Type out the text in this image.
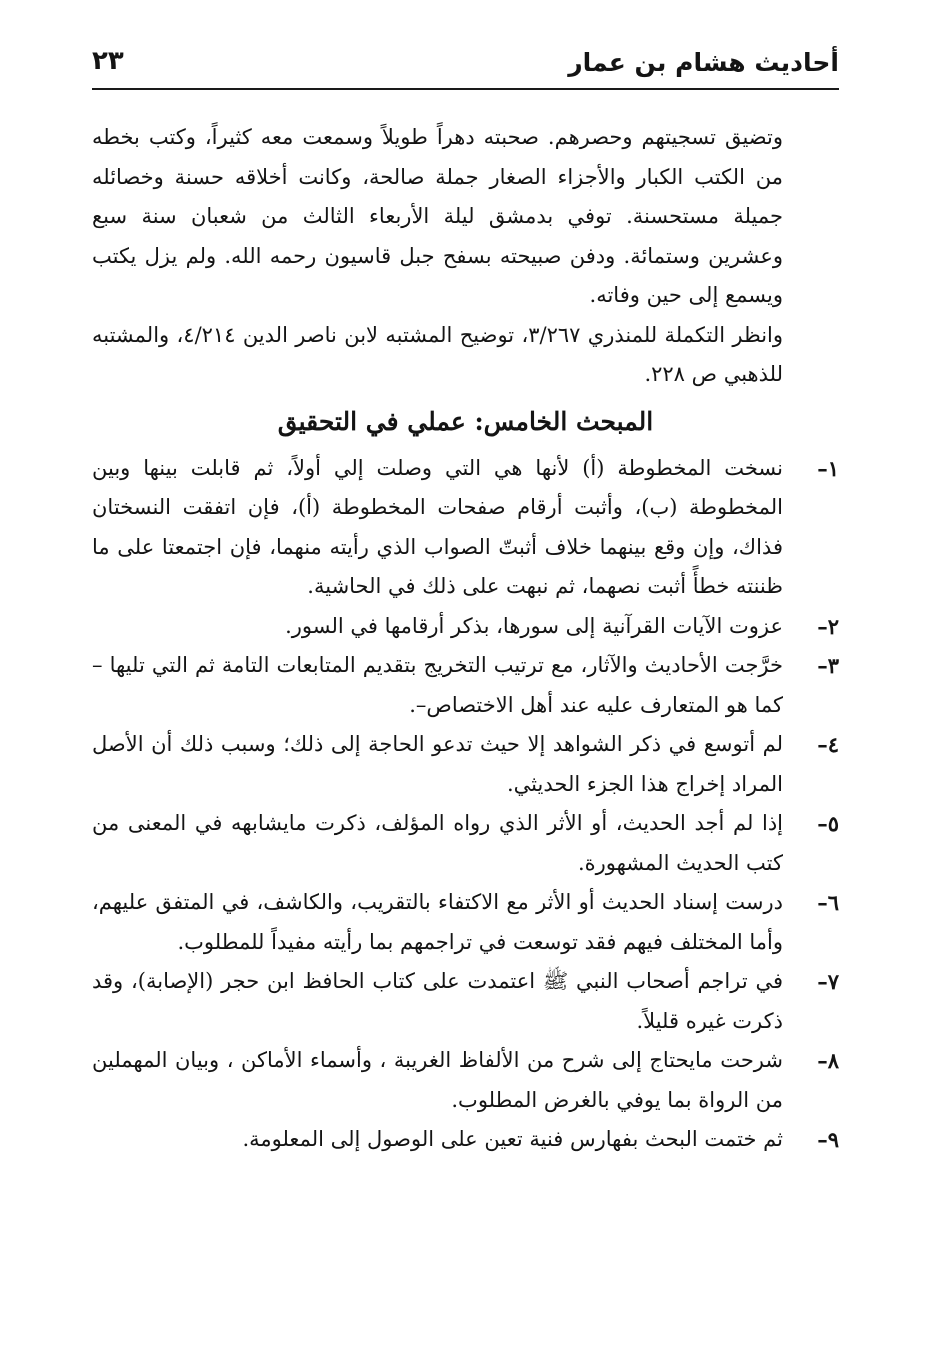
أحاديث هشام بن عمار
٢٣

وتضيق تسجيتهم وحصرهم. صحبته دهراً طويلاً وسمعت معه كثيراً، وكتب بخطه من الكتب الكبار والأجزاء الصغار جملة صالحة، وكانت أخلاقه حسنة وخصائله جميلة مستحسنة. توفي بدمشق ليلة الأربعاء الثالث من شعبان سنة سبع وعشرين وستمائة. ودفن صبيحته بسفح جبل قاسيون رحمه الله. ولم يزل يكتب ويسمع إلى حين وفاته.

وانظر التكملة للمنذري ٣/٢٦٧، توضيح المشتبه لابن ناصر الدين ٤/٢١٤، والمشتبه للذهبي ص ٢٢٨.

المبحث الخامس: عملي في التحقيق
١–
نسخت المخطوطة (أ) لأنها هي التي وصلت إلي أولاً، ثم قابلت بينها وبين المخطوطة (ب)، وأثبت أرقام صفحات المخطوطة (أ)، فإن اتفقت النسختان فذاك، وإن وقع بينهما خلاف أثبتّ الصواب الذي رأيته منهما، فإن اجتمعتا على ما ظننته خطأً أثبت نصهما، ثم نبهت على ذلك في الحاشية.
٢–
عزوت الآيات القرآنية إلى سورها، بذكر أرقامها في السور.
٣–
خرَّجت الأحاديث والآثار، مع ترتيب التخريج بتقديم المتابعات التامة ثم التي تليها –كما هو المتعارف عليه عند أهل الاختصاص–.
٤–
لم أتوسع في ذكر الشواهد إلا حيث تدعو الحاجة إلى ذلك؛ وسبب ذلك أن الأصل المراد إخراج هذا الجزء الحديثي.
٥–
إذا لم أجد الحديث، أو الأثر الذي رواه المؤلف، ذكرت مايشابهه في المعنى من كتب الحديث المشهورة.
٦–
درست إسناد الحديث أو الأثر مع الاكتفاء بالتقريب، والكاشف، في المتفق عليهم، وأما المختلف فيهم فقد توسعت في تراجمهم بما رأيته مفيداً للمطلوب.
٧–
في تراجم أصحاب النبي ﷺ اعتمدت على كتاب الحافظ ابن حجر (الإصابة)، وقد ذكرت غيره قليلاً.
٨–
شرحت مايحتاج إلى شرح من الألفاظ الغريبة ، وأسماء الأماكن ، وبيان المهملين من الرواة بما يوفي بالغرض المطلوب.
٩–
ثم ختمت البحث بفهارس فنية تعين على الوصول إلى المعلومة.
